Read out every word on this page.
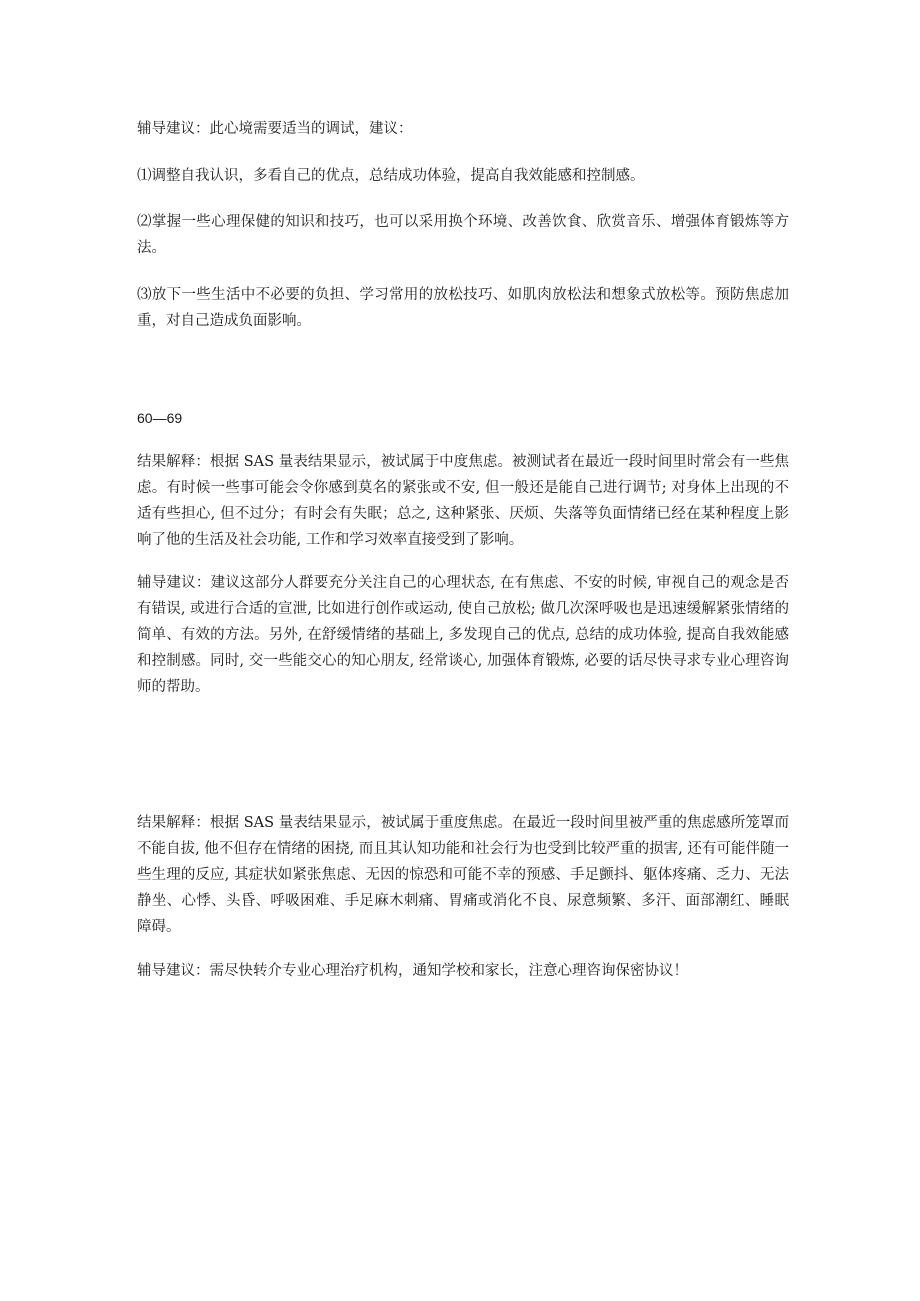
辅导建议：此心境需要适当的调试，建议：

⑴调整自我认识，多看自己的优点，总结成功体验，提高自我效能感和控制感。

⑵掌握一些心理保健的知识和技巧，也可以采用换个环境、改善饮食、欣赏音乐、增强体育锻炼等方法。

⑶放下一些生活中不必要的负担、学习常用的放松技巧、如肌肉放松法和想象式放松等。预防焦虑加重，对自己造成负面影响。

60—69

结果解释：根据 SAS 量表结果显示，被试属于中度焦虑。被测试者在最近一段时间里时常会有一些焦虑。有时候一些事可能会令你感到莫名的紧张或不安, 但一般还是能自己进行调节; 对身体上出现的不适有些担心, 但不过分；有时会有失眠；总之, 这种紧张、厌烦、失落等负面情绪已经在某种程度上影响了他的生活及社会功能, 工作和学习效率直接受到了影响。

辅导建议：建议这部分人群要充分关注自己的心理状态, 在有焦虑、不安的时候, 审视自己的观念是否有错误, 或进行合适的宣泄, 比如进行创作或运动, 使自己放松; 做几次深呼吸也是迅速缓解紧张情绪的简单、有效的方法。另外, 在舒缓情绪的基础上, 多发现自己的优点, 总结的成功体验, 提高自我效能感和控制感。同时, 交一些能交心的知心朋友, 经常谈心, 加强体育锻炼, 必要的话尽快寻求专业心理咨询师的帮助。

结果解释：根据 SAS 量表结果显示，被试属于重度焦虑。在最近一段时间里被严重的焦虑感所笼罩而不能自拔, 他不但存在情绪的困挠, 而且其认知功能和社会行为也受到比较严重的损害, 还有可能伴随一些生理的反应, 其症状如紧张焦虑、无因的惊恐和可能不幸的预感、手足颤抖、躯体疼痛、乏力、无法静坐、心悸、头昏、呼吸困难、手足麻木刺痛、胃痛或消化不良、尿意频繁、多汗、面部潮红、睡眠障碍。

辅导建议：需尽快转介专业心理治疗机构，通知学校和家长，注意心理咨询保密协议！
